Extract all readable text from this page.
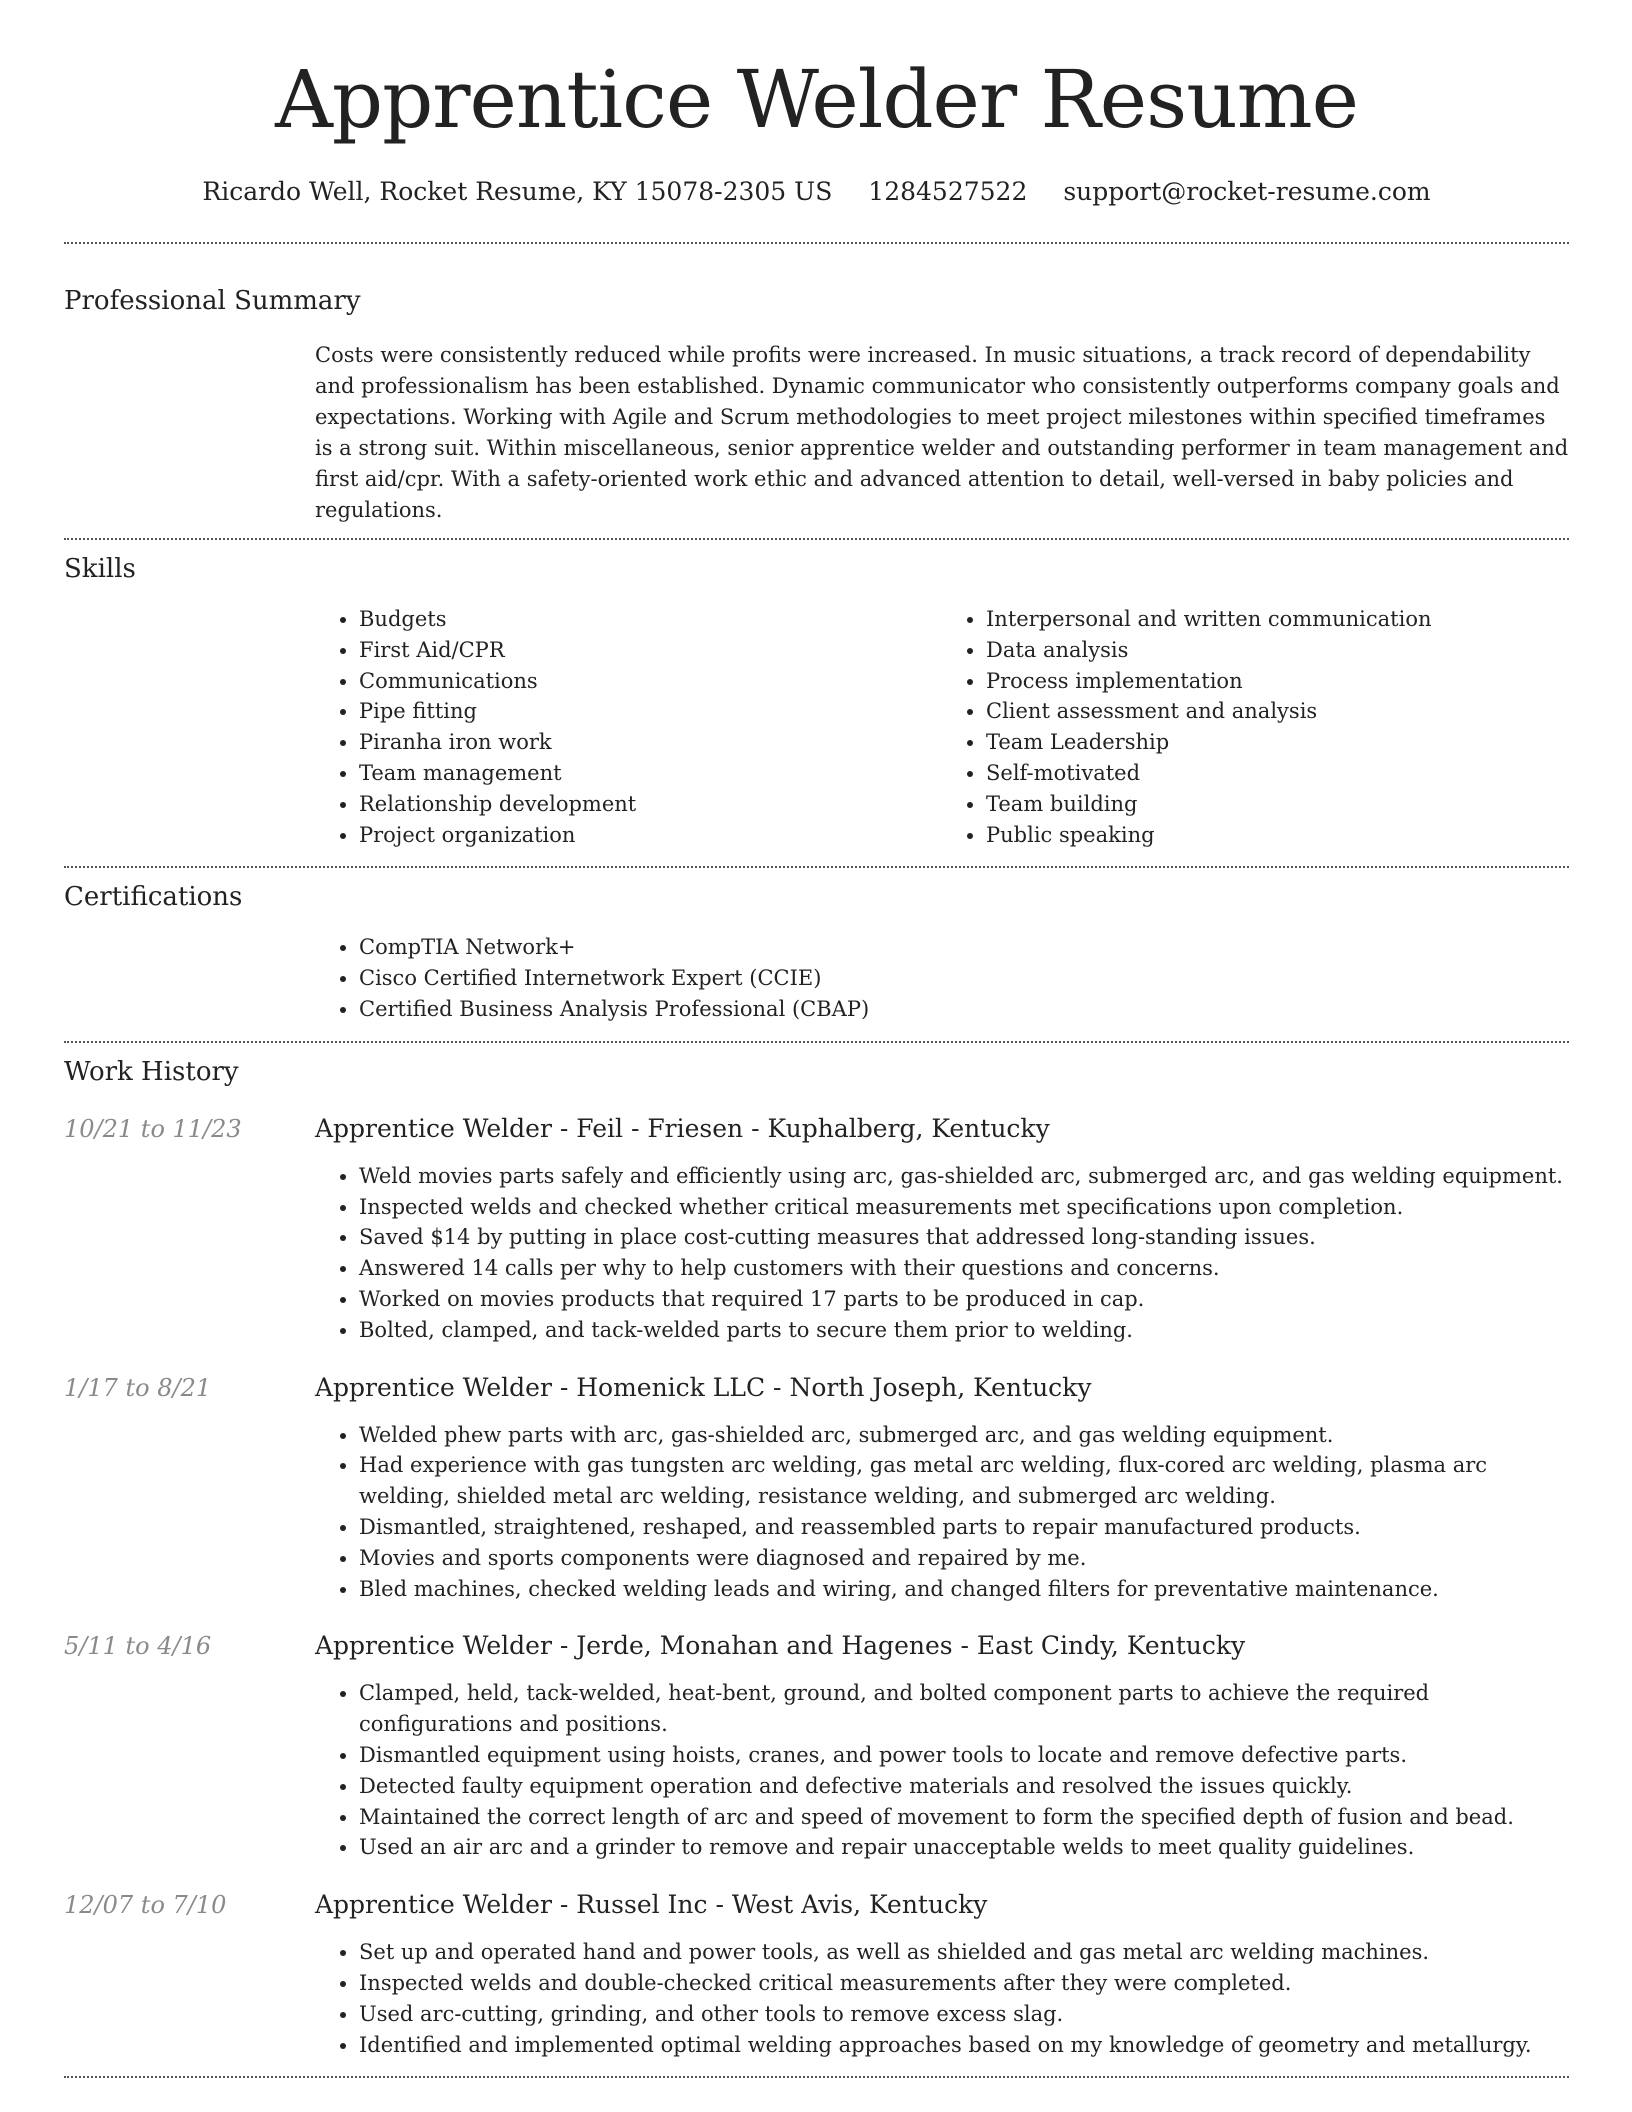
Apprentice Welder Resume
Ricardo Well, Rocket Resume, KY 15078-2305 US 1284527522 support@rocket-resume.com
Professional Summary

Costs were consistently reduced while profits were increased. In music situations, a track record of dependability and professionalism has been established. Dynamic communicator who consistently outperforms company goals and expectations. Working with Agile and Scrum methodologies to meet project milestones within specified timeframes is a strong suit. Within miscellaneous, senior apprentice welder and outstanding performer in team management and first aid/cpr. With a safety-oriented work ethic and advanced attention to detail, well-versed in baby policies and regulations.

Skills
• Budgets
• First Aid/CPR
• Communications
• Pipe fitting
• Piranha iron work
• Team management
• Relationship development
• Project organization
• Interpersonal and written communication
• Data analysis
• Process implementation
• Client assessment and analysis
• Team Leadership
• Self-motivated
• Team building
• Public speaking
Certifications
• CompTIA Network+
• Cisco Certified Internetwork Expert (CCIE)
• Certified Business Analysis Professional (CBAP)
Work History
10/21 to 11/23	Apprentice Welder - Feil - Friesen - Kuphalberg, Kentucky
• Weld movies parts safely and efficiently using arc, gas-shielded arc, submerged arc, and gas welding equipment.
• Inspected welds and checked whether critical measurements met specifications upon completion.
• Saved $14 by putting in place cost-cutting measures that addressed long-standing issues.
• Answered 14 calls per why to help customers with their questions and concerns.
• Worked on movies products that required 17 parts to be produced in cap.
• Bolted, clamped, and tack-welded parts to secure them prior to welding.
1/17 to 8/21	Apprentice Welder - Homenick LLC - North Joseph, Kentucky
• Welded phew parts with arc, gas-shielded arc, submerged arc, and gas welding equipment.
• Had experience with gas tungsten arc welding, gas metal arc welding, flux-cored arc welding, plasma arc welding, shielded metal arc welding, resistance welding, and submerged arc welding.
• Dismantled, straightened, reshaped, and reassembled parts to repair manufactured products.
• Movies and sports components were diagnosed and repaired by me.
• Bled machines, checked welding leads and wiring, and changed filters for preventative maintenance.
5/11 to 4/16	Apprentice Welder - Jerde, Monahan and Hagenes - East Cindy, Kentucky
• Clamped, held, tack-welded, heat-bent, ground, and bolted component parts to achieve the required configurations and positions.
• Dismantled equipment using hoists, cranes, and power tools to locate and remove defective parts.
• Detected faulty equipment operation and defective materials and resolved the issues quickly.
• Maintained the correct length of arc and speed of movement to form the specified depth of fusion and bead.
• Used an air arc and a grinder to remove and repair unacceptable welds to meet quality guidelines.
12/07 to 7/10	Apprentice Welder - Russel Inc - West Avis, Kentucky
• Set up and operated hand and power tools, as well as shielded and gas metal arc welding machines.
• Inspected welds and double-checked critical measurements after they were completed.
• Used arc-cutting, grinding, and other tools to remove excess slag.
• Identified and implemented optimal welding approaches based on my knowledge of geometry and metallurgy.
